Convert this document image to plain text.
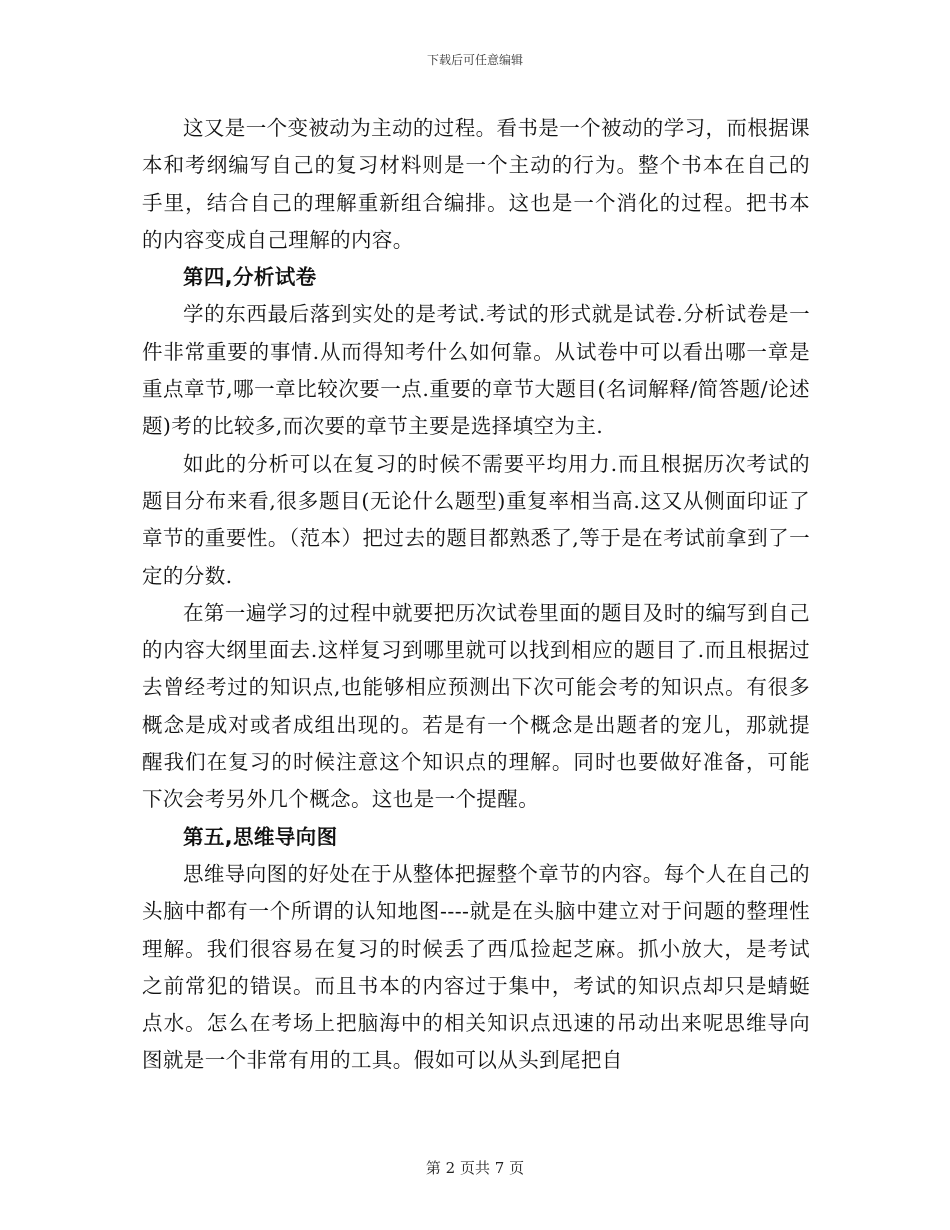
下载后可任意编辑

这又是一个变被动为主动的过程。看书是一个被动的学习，而根据课本和考纲编写自己的复习材料则是一个主动的行为。整个书本在自己的手里，结合自己的理解重新组合编排。这也是一个消化的过程。把书本的内容变成自己理解的内容。

第四,分析试卷

学的东西最后落到实处的是考试.考试的形式就是试卷.分析试卷是一件非常重要的事情.从而得知考什么如何靠。从试卷中可以看出哪一章是重点章节,哪一章比较次要一点.重要的章节大题目(名词解释/简答题/论述题)考的比较多,而次要的章节主要是选择填空为主.

如此的分析可以在复习的时候不需要平均用力.而且根据历次考试的题目分布来看,很多题目(无论什么题型)重复率相当高.这又从侧面印证了章节的重要性。（范本）把过去的题目都熟悉了,等于是在考试前拿到了一定的分数.

在第一遍学习的过程中就要把历次试卷里面的题目及时的编写到自己的内容大纲里面去.这样复习到哪里就可以找到相应的题目了.而且根据过去曾经考过的知识点,也能够相应预测出下次可能会考的知识点。有很多概念是成对或者成组出现的。若是有一个概念是出题者的宠儿，那就提醒我们在复习的时候注意这个知识点的理解。同时也要做好准备，可能下次会考另外几个概念。这也是一个提醒。

第五,思维导向图

思维导向图的好处在于从整体把握整个章节的内容。每个人在自己的头脑中都有一个所谓的认知地图----就是在头脑中建立对于问题的整理性理解。我们很容易在复习的时候丢了西瓜捡起芝麻。抓小放大，是考试之前常犯的错误。而且书本的内容过于集中，考试的知识点却只是蜻蜓点水。怎么在考场上把脑海中的相关知识点迅速的吊动出来呢思维导向图就是一个非常有用的工具。假如可以从头到尾把自

第 2 页共 7 页
